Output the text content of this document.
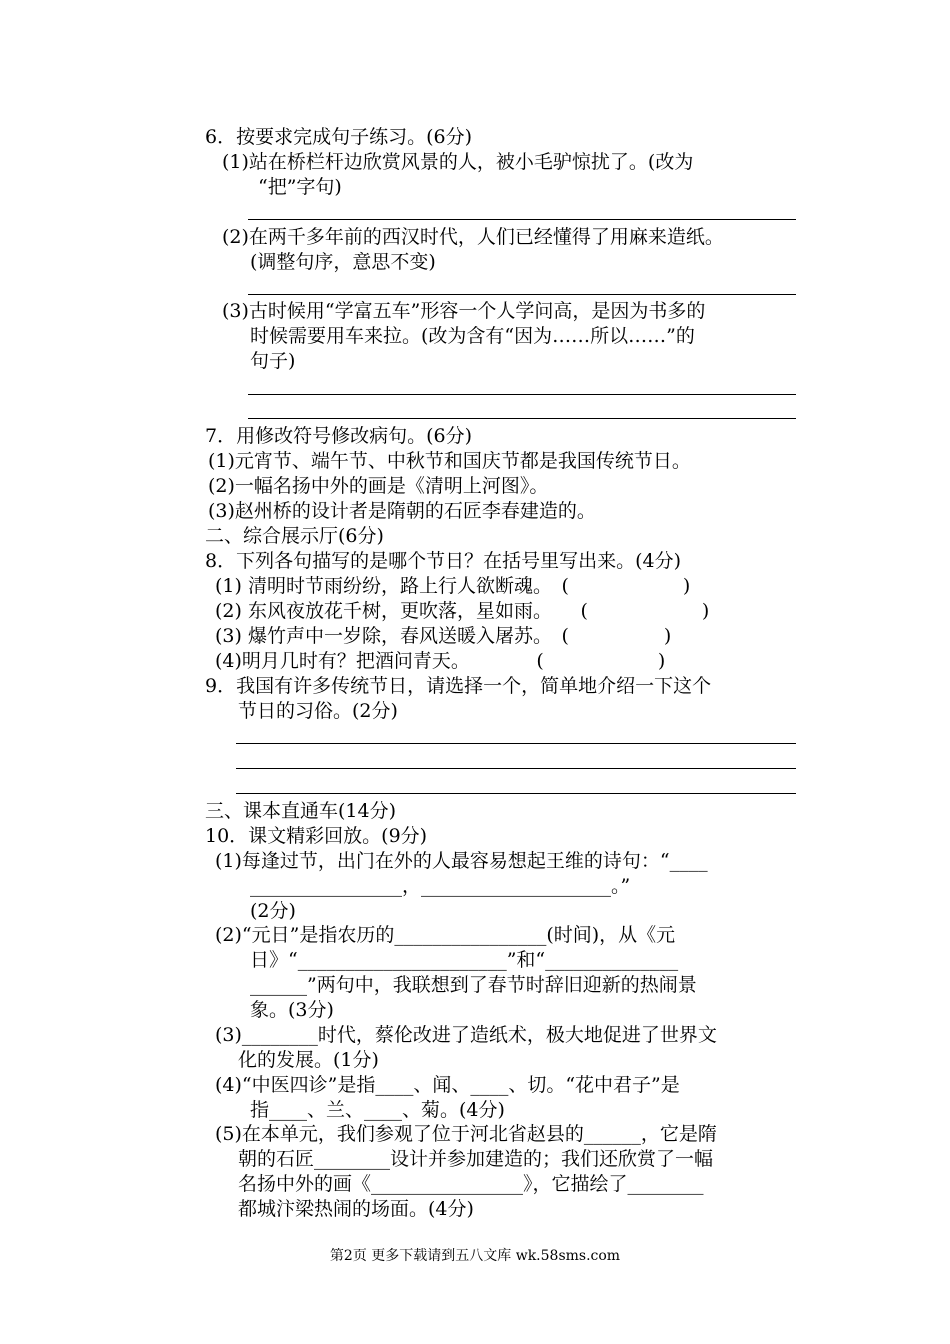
6．按要求完成句子练习。(6分)
(1)站在桥栏杆边欣赏风景的人，被小毛驴惊扰了。(改为
“把”字句)
(2)在两千多年前的西汉时代，人们已经懂得了用麻来造纸。
(调整句序，意思不变)
(3)古时候用“学富五车”形容一个人学问高，是因为书多的
时候需要用车来拉。(改为含有“因为……所以……”的
句子)
7．用修改符号修改病句。(6分)
(1)元宵节、端午节、中秋节和国庆节都是我国传统节日。
(2)一幅名扬中外的画是《清明上河图》。
(3)赵州桥的设计者是隋朝的石匠李春建造的。
二、综合展示厅(6分)
8．下列各句描写的是哪个节日？在括号里写出来。(4分)
(1) 清明时节雨纷纷，路上行人欲断魂。　(　　　　　　)
(2) 东风夜放花千树，更吹落，星如雨。　　(　　　　　　)
(3) 爆竹声中一岁除，春风送暖入屠苏。　(　　　　　)
(4)明月几时有？把酒问青天。　　　　(　　　　　　)
9．我国有许多传统节日，请选择一个，简单地介绍一下这个
节日的习俗。(2分)
三、课本直通车(14分)
10．课文精彩回放。(9分)
(1)每逢过节，出门在外的人最容易想起王维的诗句：“____
________________，____________________。”
(2分)
(2)“元日”是指农历的________________(时间)，从《元
日》“______________________”和“______________
______”两句中，我联想到了春节时辞旧迎新的热闹景
象。(3分)
(3)________时代，蔡伦改进了造纸术，极大地促进了世界文
化的发展。(1分)
(4)“中医四诊”是指____、闻、____、切。“花中君子”是
指____、兰、____、菊。(4分)
(5)在本单元，我们参观了位于河北省赵县的______，它是隋
朝的石匠________设计并参加建造的；我们还欣赏了一幅
名扬中外的画《________________》，它描绘了________
都城汴梁热闹的场面。(4分)
第2页 更多下载请到五八文库 wk.58sms.com
